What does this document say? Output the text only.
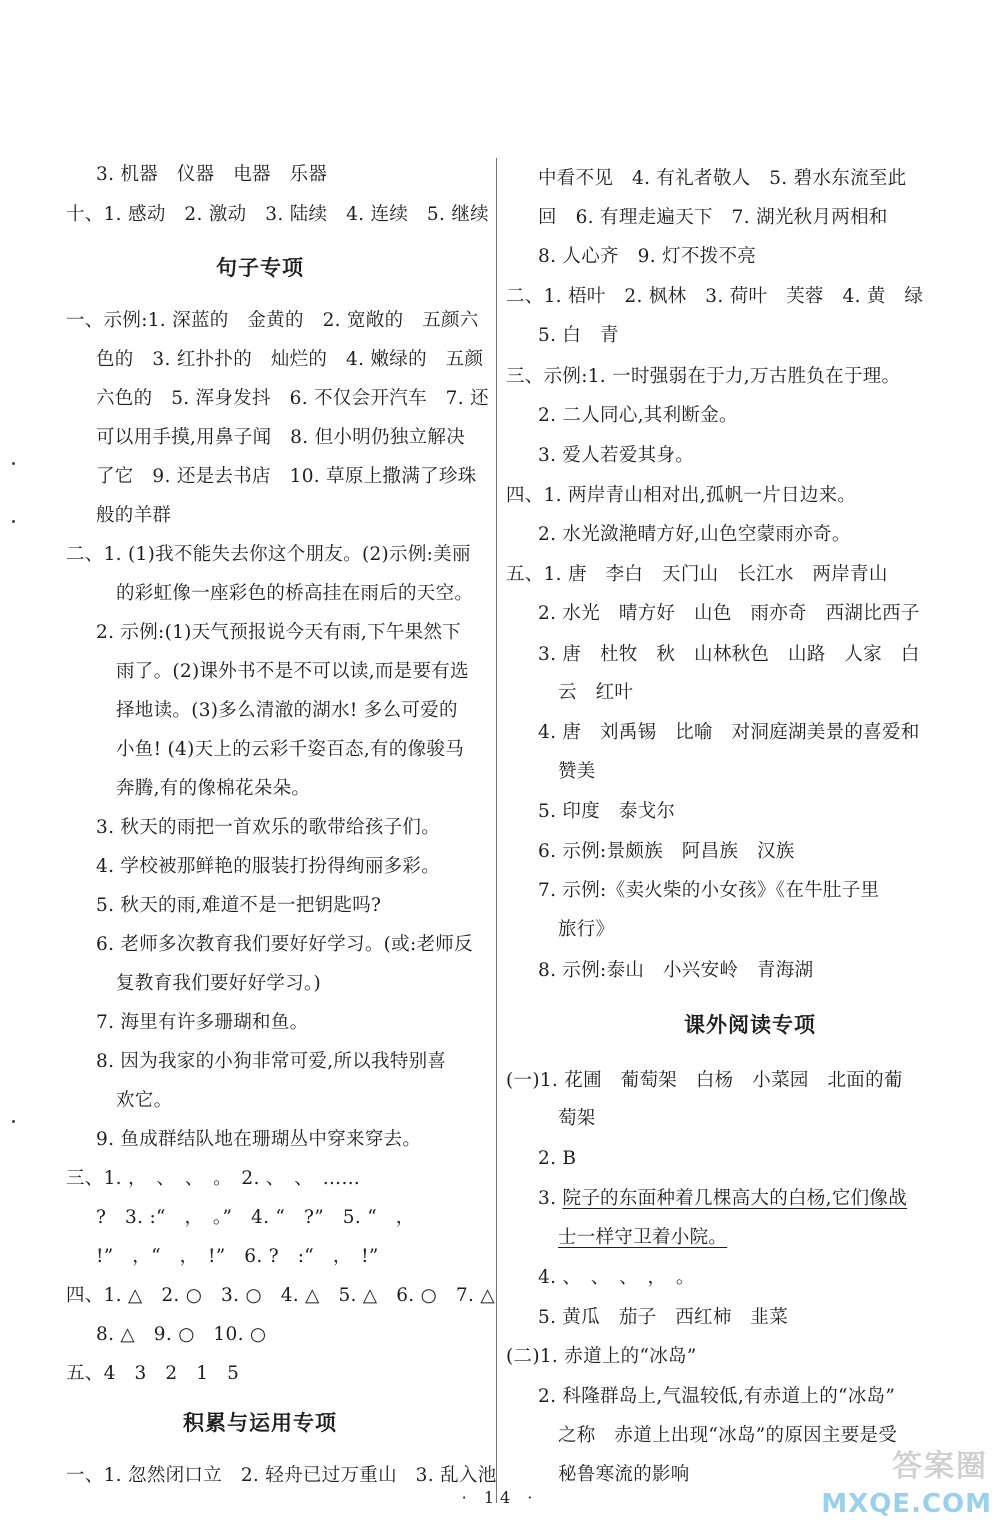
3. 机器　仪器　电器　乐器
十、1. 感动　2. 激动　3. 陆续　4. 连续　5. 继续
句子专项
一、示例:1. 深蓝的　金黄的　2. 宽敞的　五颜六
色的　3. 红扑扑的　灿烂的　4. 嫩绿的　五颜
六色的　5. 浑身发抖　6. 不仅会开汽车　7. 还
可以用手摸,用鼻子闻　8. 但小明仍独立解决
了它　9. 还是去书店　10. 草原上撒满了珍珠
般的羊群
二、1. (1)我不能失去你这个朋友。(2)示例:美丽
的彩虹像一座彩色的桥高挂在雨后的天空。
2. 示例:(1)天气预报说今天有雨,下午果然下
雨了。(2)课外书不是不可以读,而是要有选
择地读。(3)多么清澈的湖水! 多么可爱的
小鱼! (4)天上的云彩千姿百态,有的像骏马
奔腾,有的像棉花朵朵。
3. 秋天的雨把一首欢乐的歌带给孩子们。
4. 学校被那鲜艳的服装打扮得绚丽多彩。
5. 秋天的雨,难道不是一把钥匙吗?
6. 老师多次教育我们要好好学习。(或:老师反
复教育我们要好好学习。)
7. 海里有许多珊瑚和鱼。
8. 因为我家的小狗非常可爱,所以我特别喜
欢它。
9. 鱼成群结队地在珊瑚丛中穿来穿去。
三、1. ，　、　、　。　2. 、　、　……
?　3. :“　，　。”　4. “　?”　5. “　，
!”　，“　，　!”　6. ?　:“　，　!”
四、1. △　2. ○　3. ○　4. △　5. △　6. ○　7. △
8. △　9. ○　10. ○
五、4　3　2　1　5
积累与运用专项
一、1. 忽然闭口立　2. 轻舟已过万重山　3. 乱入池
中看不见　4. 有礼者敬人　5. 碧水东流至此
回　6. 有理走遍天下　7. 湖光秋月两相和
8. 人心齐　9. 灯不拨不亮
二、1. 梧叶　2. 枫林　3. 荷叶　芙蓉　4. 黄　绿
5. 白　青
三、示例:1. 一时强弱在于力,万古胜负在于理。
2. 二人同心,其利断金。
3. 爱人若爱其身。
四、1. 两岸青山相对出,孤帆一片日边来。
2. 水光潋滟晴方好,山色空蒙雨亦奇。
五、1. 唐　李白　天门山　长江水　两岸青山
2. 水光　晴方好　山色　雨亦奇　西湖比西子
3. 唐　杜牧　秋　山林秋色　山路　人家　白
云　红叶
4. 唐　刘禹锡　比喻　对洞庭湖美景的喜爱和
赞美
5. 印度　泰戈尔
6. 示例:景颇族　阿昌族　汉族
7. 示例:《卖火柴的小女孩》《在牛肚子里
旅行》
8. 示例:泰山　小兴安岭　青海湖
课外阅读专项
(一)1. 花圃　葡萄架　白杨　小菜园　北面的葡
萄架
2. B
3. 院子的东面种着几棵高大的白杨,它们像战
士一样守卫着小院。
4. 、　、　、　，　。
5. 黄瓜　茄子　西红柿　韭菜
(二)1. 赤道上的“冰岛”
2. 科隆群岛上,气温较低,有赤道上的“冰岛”
之称　赤道上出现“冰岛”的原因主要是受
秘鲁寒流的影响
· 14 ·
答案圈
MXQE.COM
